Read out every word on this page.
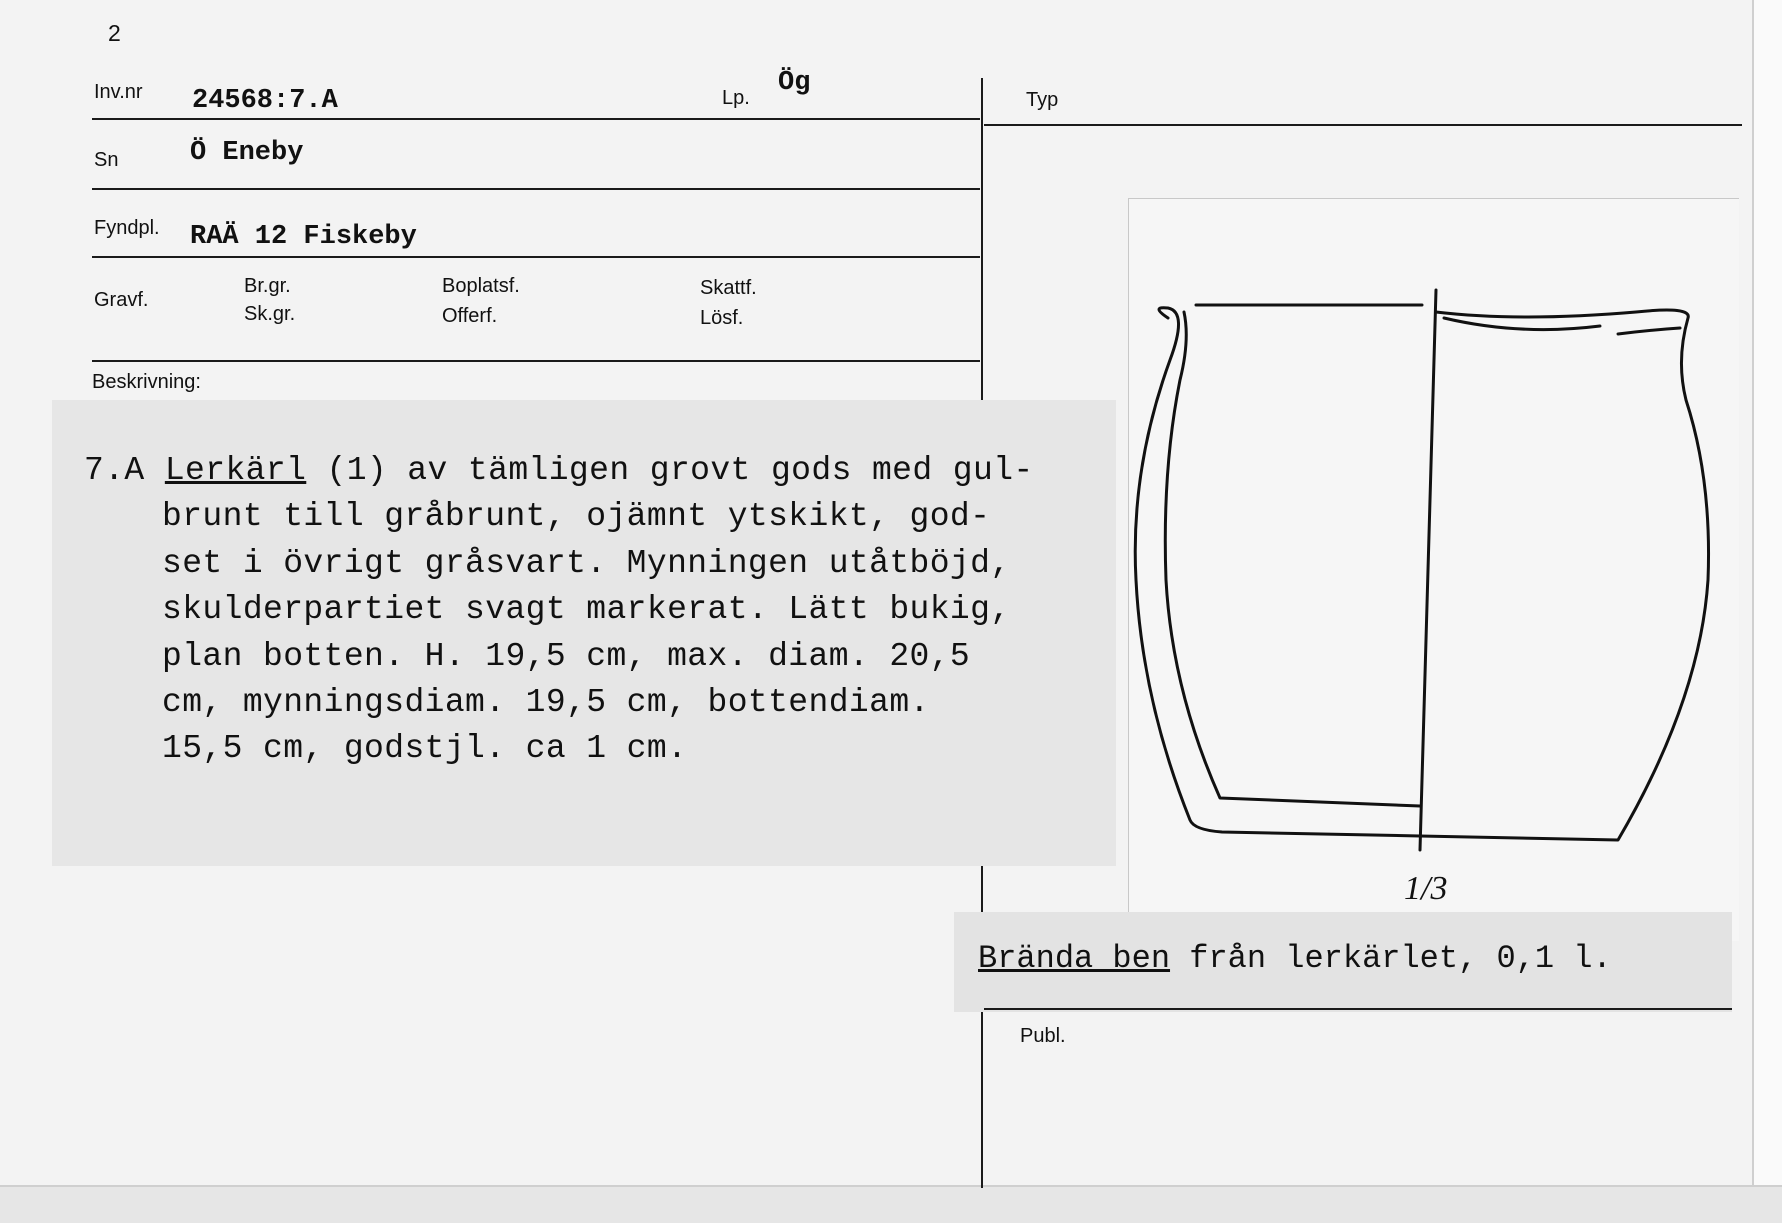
2
Inv.nr 24568:7.A	Lp. Ög
Typ
Sn	Ö Eneby
Fyndpl. RAÄ 12 Fiskeby
Gravf.
Br.gr.
Sk.gr.
Boplatsf.
Offerf.
Skattf.
Lösf.
Beskrivning:

7.A Lerkärl (1) av tämligen grovt gods med gul-

brunt till gråbrunt, ojämnt ytskikt, god-

set i övrigt gråsvart. Mynningen utåtböjd,

skulderpartiet svagt markerat. Lätt bukig,

plan botten. H. 19,5 cm, max. diam. 20,5

cm, mynningsdiam. 19,5 cm, bottendiam.

15,5 cm, godstjl. ca 1 cm.

1/3
Brända ben från lerkärlet, 0,1 l.
Publ.
